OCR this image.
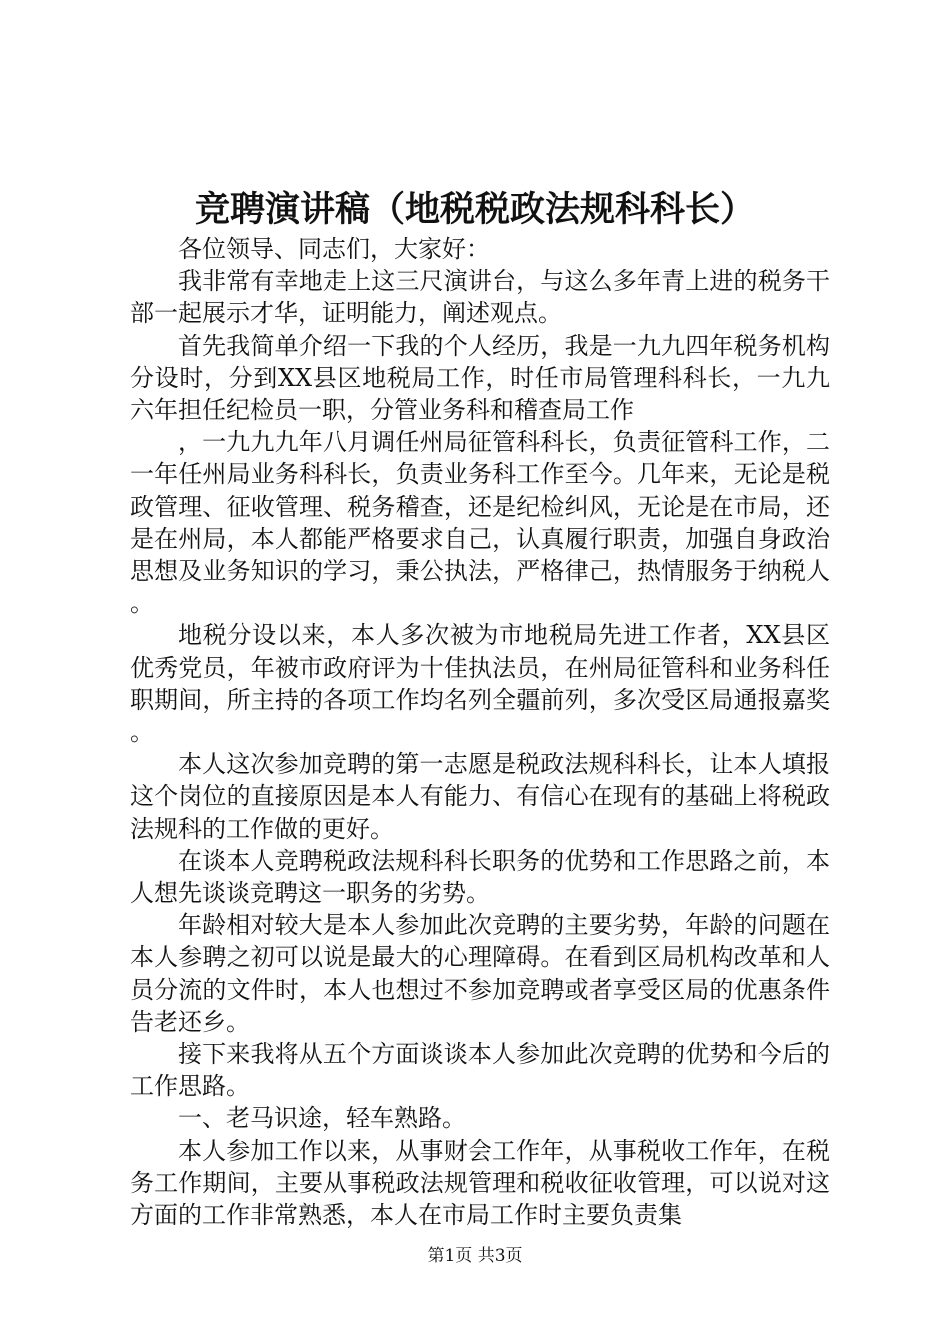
竞聘演讲稿（地税税政法规科科长）

各位领导、同志们，大家好：

我非常有幸地走上这三尺演讲台，与这么多年青上进的税务干
部一起展示才华，证明能力，阐述观点。

首先我简单介绍一下我的个人经历，我是一九九四年税务机构
分设时，分到XX县区地税局工作，时任市局管理科科长，一九九
六年担任纪检员一职，分管业务科和稽查局工作

，一九九九年八月调任州局征管科科长，负责征管科工作，二
一年任州局业务科科长，负责业务科工作至今。几年来，无论是税
政管理、征收管理、税务稽查，还是纪检纠风，无论是在市局，还
是在州局，本人都能严格要求自己，认真履行职责，加强自身政治
思想及业务知识的学习，秉公执法，严格律己，热情服务于纳税人
。

地税分设以来，本人多次被为市地税局先进工作者，XX县区
优秀党员，年被市政府评为十佳执法员，在州局征管科和业务科任
职期间，所主持的各项工作均名列全疆前列，多次受区局通报嘉奖
。

本人这次参加竞聘的第一志愿是税政法规科科长，让本人填报
这个岗位的直接原因是本人有能力、有信心在现有的基础上将税政
法规科的工作做的更好。

在谈本人竞聘税政法规科科长职务的优势和工作思路之前，本
人想先谈谈竞聘这一职务的劣势。

年龄相对较大是本人参加此次竞聘的主要劣势，年龄的问题在
本人参聘之初可以说是最大的心理障碍。在看到区局机构改革和人
员分流的文件时，本人也想过不参加竞聘或者享受区局的优惠条件
告老还乡。

接下来我将从五个方面谈谈本人参加此次竞聘的优势和今后的
工作思路。

一、老马识途，轻车熟路。

本人参加工作以来，从事财会工作年，从事税收工作年，在税
务工作期间，主要从事税政法规管理和税收征收管理，可以说对这
方面的工作非常熟悉，本人在市局工作时主要负责集

第1页 共3页
